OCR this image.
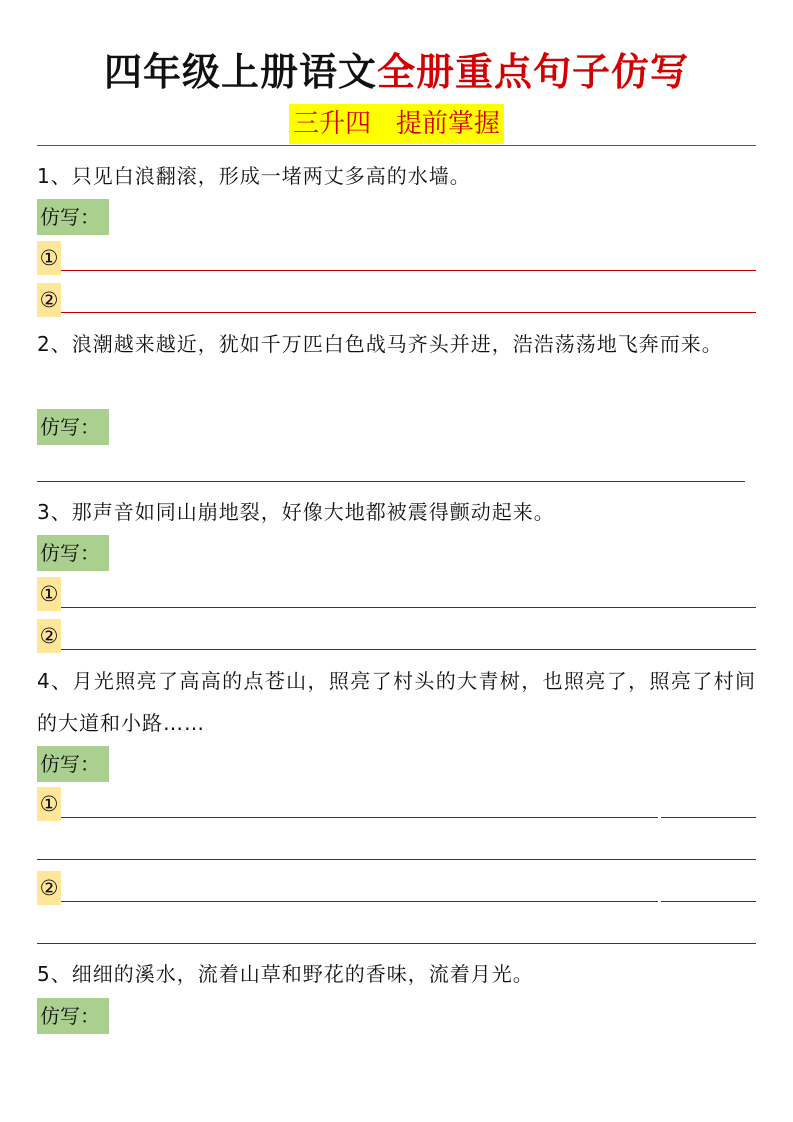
四年级上册语文全册重点句子仿写
三升四   提前掌握
1、只见白浪翻滚，形成一堵两丈多高的水墙。
仿写：
①
②
2、浪潮越来越近，犹如千万匹白色战马齐头并进，浩浩荡荡地飞奔而来。
仿写：
3、那声音如同山崩地裂，好像大地都被震得颤动起来。
仿写：
①
②
4、月光照亮了高高的点苍山，照亮了村头的大青树，也照亮了，照亮了村间的大道和小路……
仿写：
①
②
5、细细的溪水，流着山草和野花的香味，流着月光。
仿写：
